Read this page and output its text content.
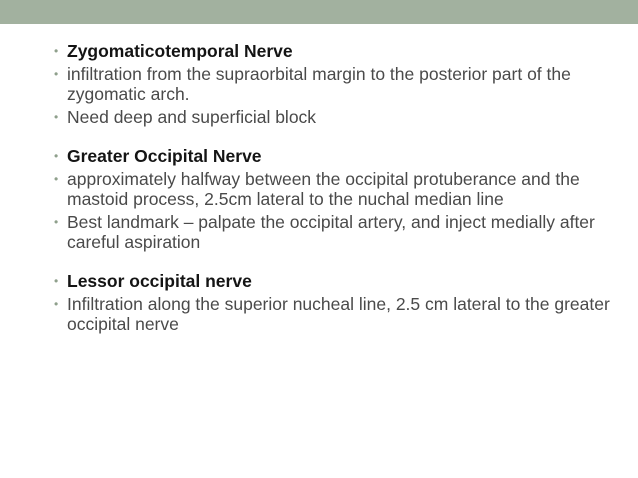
• Zygomaticotemporal Nerve
• infiltration from the supraorbital margin to the posterior part of the zygomatic arch.
• Need deep and superficial block
• Greater Occipital Nerve
• approximately halfway between the occipital protuberance and the mastoid process, 2.5cm lateral to the nuchal median line
• Best landmark – palpate the occipital artery, and inject medially after careful aspiration
• Lessor occipital nerve
• Infiltration along the superior nucheal line, 2.5 cm lateral to the greater occipital nerve
